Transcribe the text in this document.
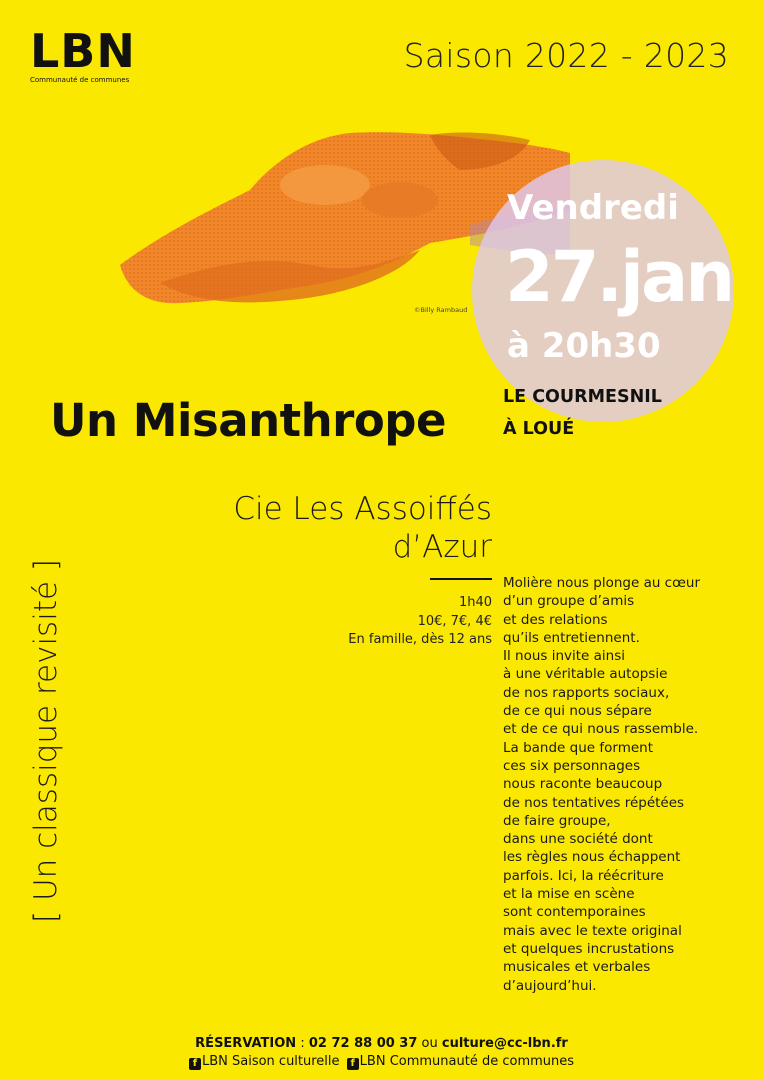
LBN
Communauté de communes
Saison 2022 - 2023
©Billy Rambaud
Vendredi
27.jan
à 20h30
LE COURMESNIL
À LOUÉ
Un Misanthrope
Cie Les Assoiffés
d’Azur
1h40
10€, 7€, 4€
En famille, dès 12 ans
Molière nous plonge au cœur
d’un groupe d’amis
et des relations
qu’ils entretiennent.
Il nous invite ainsi
à une véritable autopsie
de nos rapports sociaux,
de ce qui nous sépare
et de ce qui nous rassemble.
La bande que forment
ces six personnages
nous raconte beaucoup
de nos tentatives répétées
de faire groupe,
dans une société dont
les règles nous échappent
parfois. Ici, la réécriture
et la mise en scène
sont contemporaines
mais avec le texte original
et quelques incrustations
musicales et verbales
d’aujourd’hui.
[ Un classique revisité ]
RÉSERVATION : 02 72 88 00 37 ou culture@cc-lbn.fr
f LBN Saison culturelle f LBN Communauté de communes
